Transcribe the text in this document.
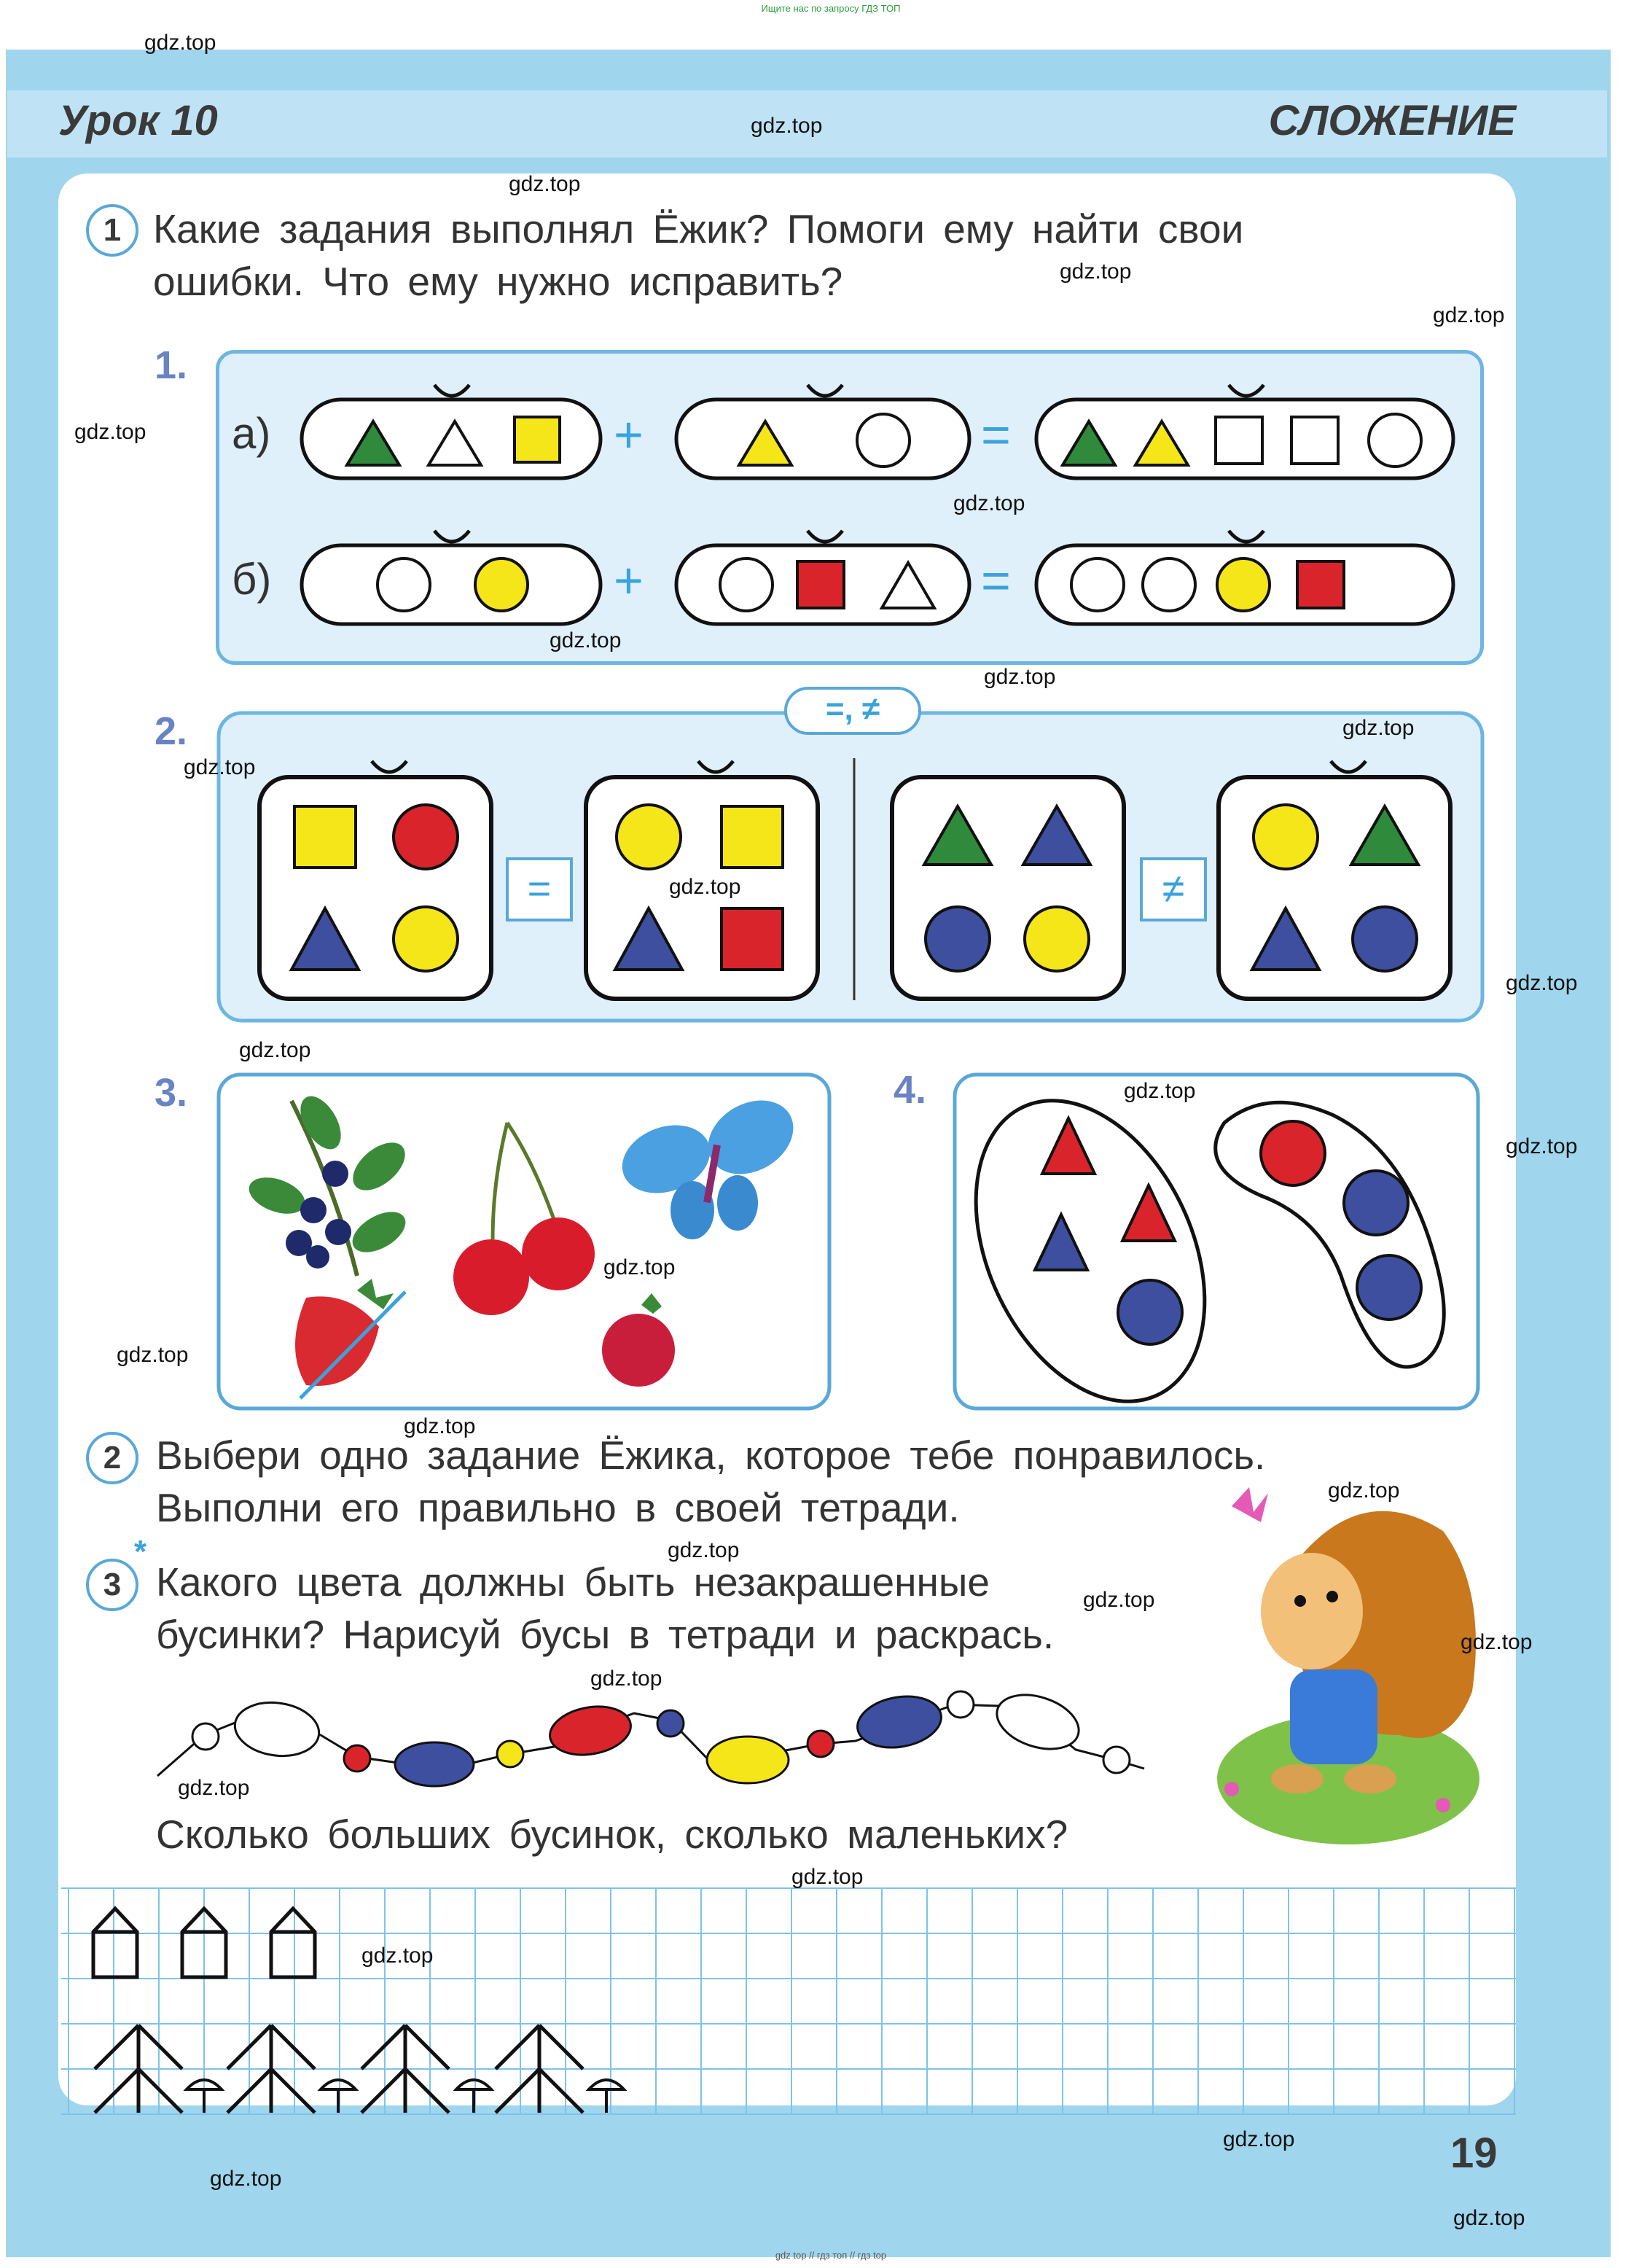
Ищите нас по запросу ГДЗ ТОП
Урок 10	СЛОЖЕНИЕ
1 Какие задания выполнял Ёжик? Помоги ему найти свои
ошибки. Что ему нужно исправить?
1.
а)
б)
+
+
=
=
2.
=, ≠
=	≠
3.	4.
2 Выбери одно задание Ёжика, которое тебе понравилось.
Выполни его правильно в своей тетради.
*
3 Какого цвета должны быть незакрашенные
бусинки? Нарисуй бусы в тетради и раскрась.
Сколько больших бусинок, сколько маленьких?
19
gdz top // гдз топ // гдз top
gdz.top
gdz.top
gdz.top
gdz.top
gdz.top
gdz.top
gdz.top
gdz.top
gdz.top
gdz.top
gdz.top
gdz.top
gdz.top
gdz.top
gdz.top
gdz.top
gdz.top
gdz.top
gdz.top
gdz.top
gdz.top
gdz.top
gdz.top
gdz.top
gdz.top
gdz.top
gdz.top
gdz.top
gdz.top
gdz.top
